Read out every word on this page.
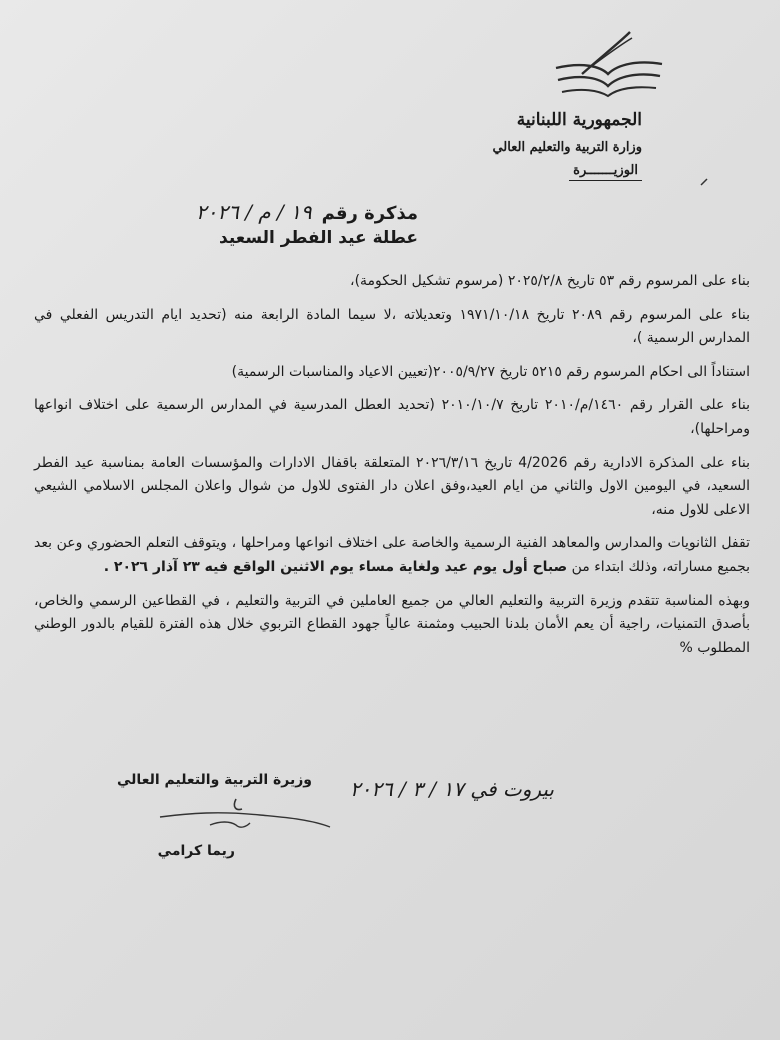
الجمهورية اللبنانية
وزارة التربية والتعليم العالي
الوزيـــــــرة
مذكرة رقم
١٩ / م / ٢٠٢٦
عطلة عيد الفطر السعيد

بناء على المرسوم رقم ٥٣ تاريخ ٢٠٢٥/٢/٨ (مرسوم تشكيل الحكومة)،

بناء على المرسوم رقم ٢٠٨٩ تاريخ ١٩٧١/١٠/١٨ وتعديلاته ،لا سيما المادة الرابعة منه (تحديد ايام التدريس الفعلي في المدارس الرسمية )،

استناداً الى احكام المرسوم رقم ٥٢١٥ تاريخ ٢٠٠٥/٩/٢٧(تعيين الاعياد والمناسبات الرسمية)

بناء على القرار رقم ١٤٦٠/م/٢٠١٠ تاريخ ٢٠١٠/١٠/٧ (تحديد العطل المدرسية في المدارس الرسمية على اختلاف انواعها ومراحلها)،

بناء على المذكرة الادارية رقم 4/2026 تاريخ ٢٠٢٦/٣/١٦ المتعلقة باقفال الادارات والمؤسسات العامة بمناسبة عيد الفطر السعيد، في اليومين الاول والثاني من ايام العيد،وفق اعلان دار الفتوى للاول من شوال واعلان المجلس الاسلامي الشيعي الاعلى للاول منه،

تقفل الثانويات والمدارس والمعاهد الفنية الرسمية والخاصة على اختلاف انواعها ومراحلها ، ويتوقف التعلم الحضوري وعن بعد بجميع مساراته، وذلك ابتداء من صباح أول يوم عيد ولغاية مساء يوم الاثنين الواقع فيه ٢٣ آذار ٢٠٢٦ .

وبهذه المناسبة تتقدم وزيرة التربية والتعليم العالي من جميع العاملين في التربية والتعليم ، في القطاعين الرسمي والخاص، بأصدق التمنيات، راجية أن يعم الأمان بلدنا الحبيب ومثمنة عالياً جهود القطاع التربوي خلال هذه الفترة للقيام بالدور الوطني المطلوب %

وزيرة التربية والتعليم العالي
ريما كرامي
بيروت في ١٧ / ٣ / ٢٠٢٦
